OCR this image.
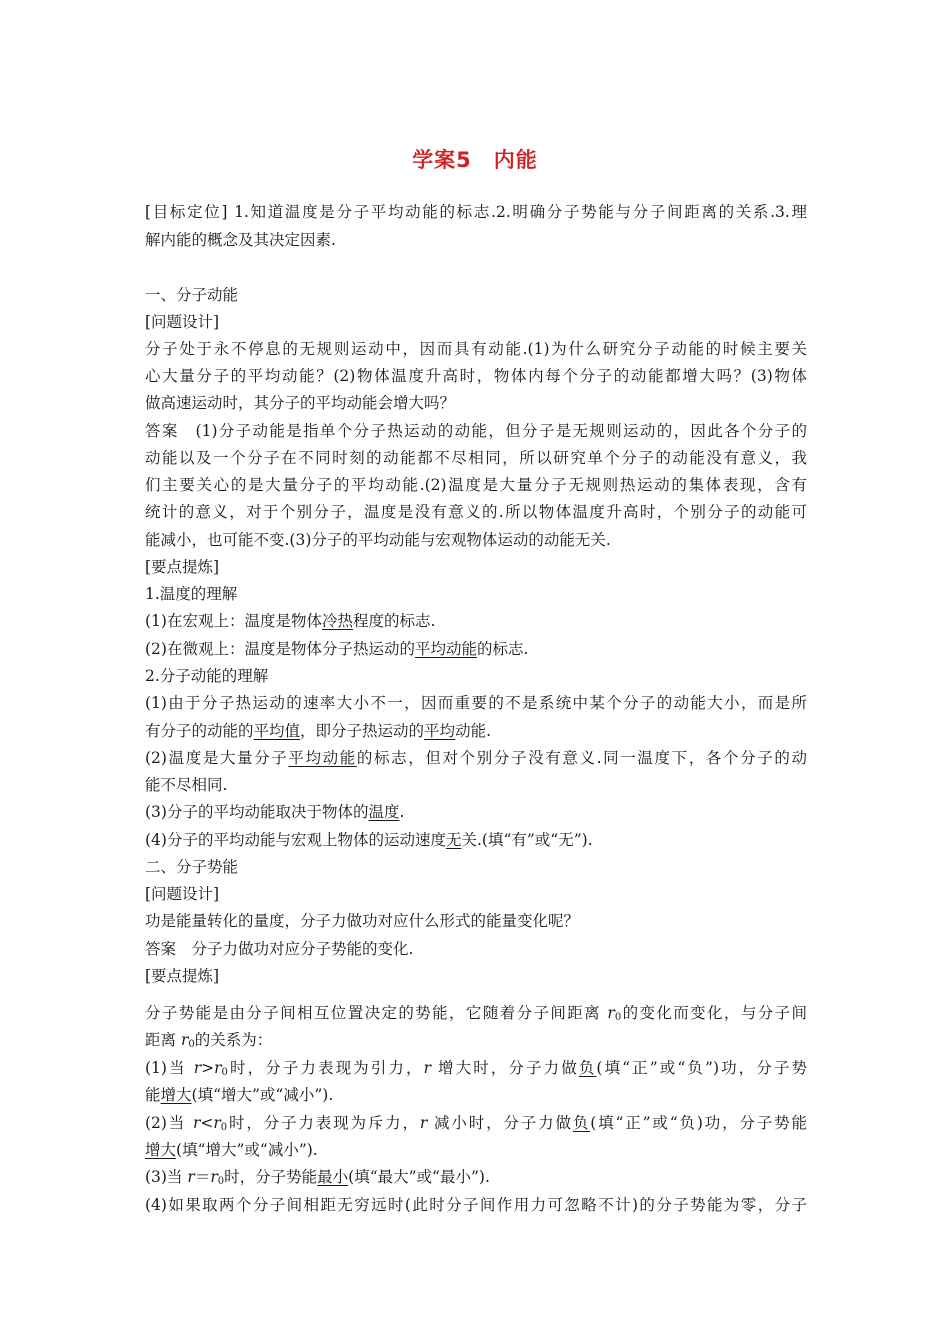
学案5　内能
[目标定位] 1.知道温度是分子平均动能的标志.2.明确分子势能与分子间距离的关系.3.理
解内能的概念及其决定因素.
一、分子动能
[问题设计]
分子处于永不停息的无规则运动中，因而具有动能.(1)为什么研究分子动能的时候主要关
心大量分子的平均动能？(2)物体温度升高时，物体内每个分子的动能都增大吗？(3)物体
做高速运动时，其分子的平均动能会增大吗？
答案　(1)分子动能是指单个分子热运动的动能，但分子是无规则运动的，因此各个分子的
动能以及一个分子在不同时刻的动能都不尽相同，所以研究单个分子的动能没有意义，我
们主要关心的是大量分子的平均动能.(2)温度是大量分子无规则热运动的集体表现，含有
统计的意义，对于个别分子，温度是没有意义的.所以物体温度升高时，个别分子的动能可
能减小，也可能不变.(3)分子的平均动能与宏观物体运动的动能无关.
[要点提炼]
1.温度的理解
(1)在宏观上：温度是物体冷热程度的标志.
(2)在微观上：温度是物体分子热运动的平均动能的标志.
2.分子动能的理解
(1)由于分子热运动的速率大小不一，因而重要的不是系统中某个分子的动能大小，而是所
有分子的动能的平均值，即分子热运动的平均动能.
(2)温度是大量分子平均动能的标志，但对个别分子没有意义.同一温度下，各个分子的动
能不尽相同.
(3)分子的平均动能取决于物体的温度.
(4)分子的平均动能与宏观上物体的运动速度无关.(填“有”或“无”).
二、分子势能
[问题设计]
功是能量转化的量度，分子力做功对应什么形式的能量变化呢？
答案　分子力做功对应分子势能的变化.
[要点提炼]
分子势能是由分子间相互位置决定的势能，它随着分子间距离 $r_0$的变化而变化，与分子间
距离 $r_0$的关系为：
(1)当 $r>r_0$时，分子力表现为引力，r 增大时，分子力做负(填“正”或“负”)功，分子势
能增大(填“增大”或“减小”).
(2)当 $r<r_0$时，分子力表现为斥力，r 减小时，分子力做负(填“正”或“负)功，分子势能
增大(填“增大”或“减小”).
(3)当 $r=r_0$时，分子势能最小(填“最大”或“最小”).
(4)如果取两个分子间相距无穷远时(此时分子间作用力可忽略不计)的分子势能为零，分子
